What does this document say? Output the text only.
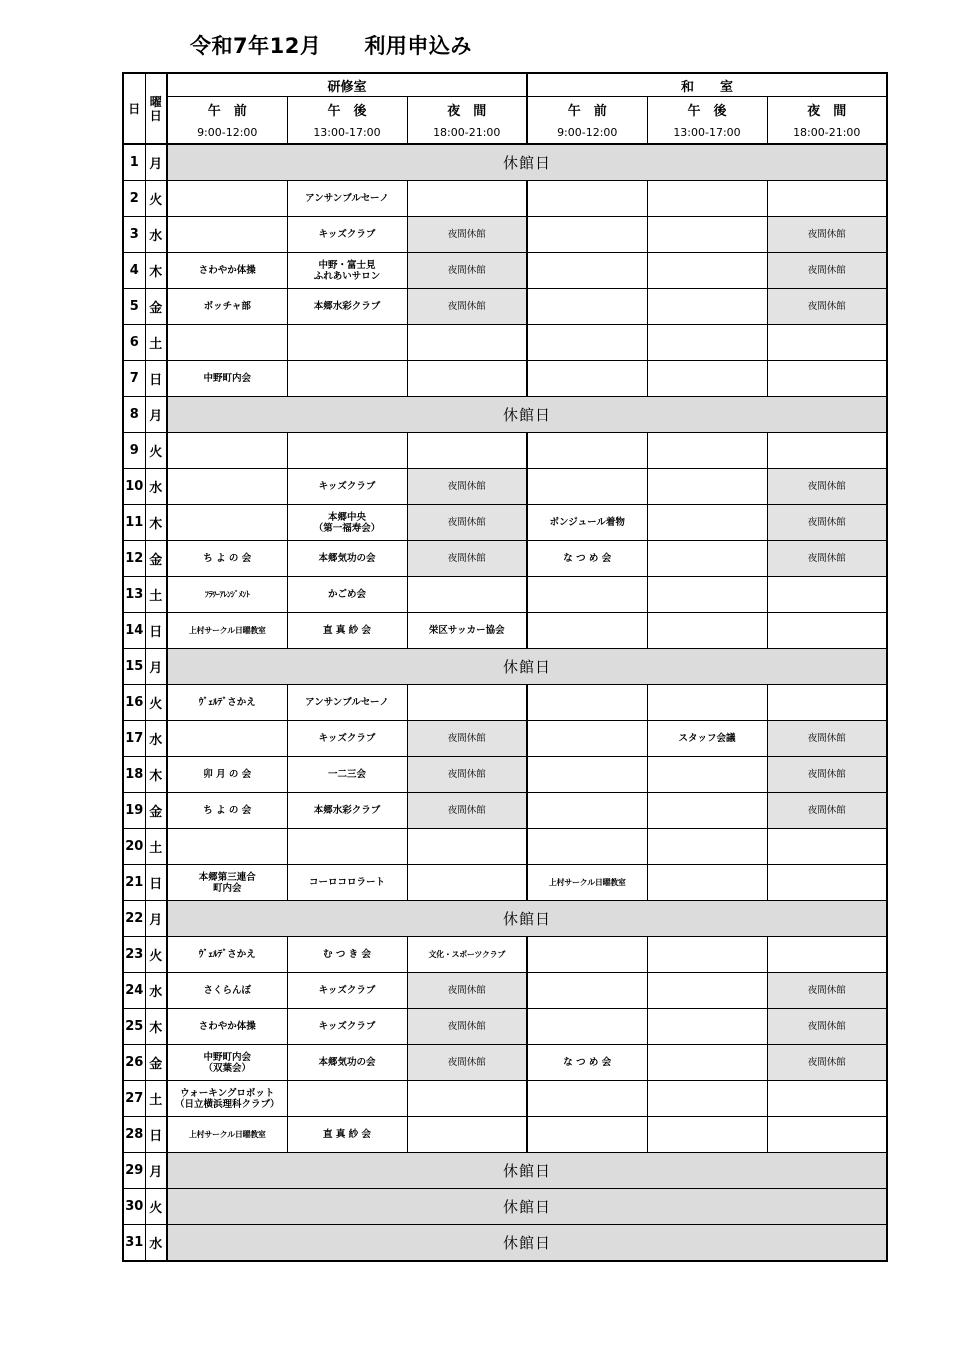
令和7年12月　　利用申込み
日	曜
日	研修室			和　　室		
		午　前	午　後	夜　間	午　前	午　後	夜　間
		9:00-12:00	13:00-17:00	18:00-21:00	9:00-12:00	13:00-17:00	18:00-21:00
1	月	休館日					
2	火		アンサンブルセーノ				
3	水		キッズクラブ	夜間休館			夜間休館
4	木	さわやか体操	中野・富士見
ふれあいサロン	夜間休館			夜間休館
5	金	ボッチャ部	本郷水彩クラブ	夜間休館			夜間休館
6	土						
7	日	中野町内会					
8	月	休館日					
9	火						
10	水		キッズクラブ	夜間休館			夜間休館
11	木		本郷中央
（第一福寿会）	夜間休館	ボンジュール着物		夜間休館
12	金	ち よ の 会	本郷気功の会	夜間休館	な つ め 会		夜間休館
13	土	ﾌﾗﾜｰｱﾚﾝｼﾞﾒﾝﾄ	かごめ会				
14	日	上村サークル日曜教室	直 真 紗 会	栄区サッカー協会			
15	月	休館日					
16	火	ｳﾞｪﾙﾃﾞさかえ	アンサンブルセーノ				
17	水		キッズクラブ	夜間休館		スタッフ会議	夜間休館
18	木	卯 月 の 会	一二三会	夜間休館			夜間休館
19	金	ち よ の 会	本郷水彩クラブ	夜間休館			夜間休館
20	土						
21	日	本郷第三連合
町内会	コーロコロラート		上村サークル日曜教室		
22	月	休館日					
23	火	ｳﾞｪﾙﾃﾞさかえ	む つ き 会	文化・スポーツクラブ			
24	水	さくらんぼ	キッズクラブ	夜間休館			夜間休館
25	木	さわやか体操	キッズクラブ	夜間休館			夜間休館
26	金	中野町内会
（双葉会）	本郷気功の会	夜間休館	な つ め 会		夜間休館
27	土	ウォーキングロボット
（日立横浜理科クラブ）					
28	日	上村サークル日曜教室	直 真 紗 会				
29	月	休館日					
30	火	休館日					
31	水	休館日					
